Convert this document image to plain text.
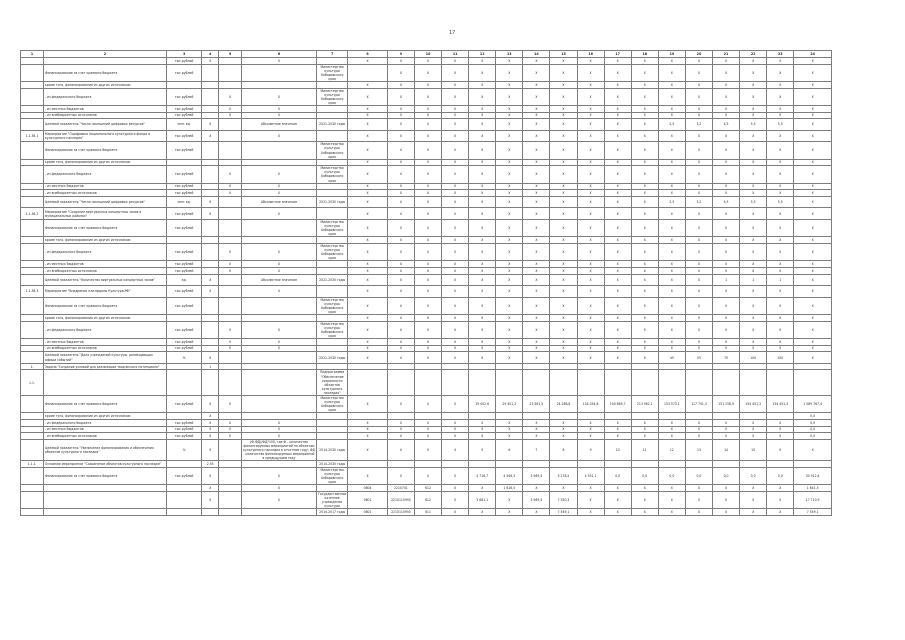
17
1	2	3	4	5	6	7	8	9	10	11	12	13	14	15	16	17	18	19	20	21	22	23	24
		тыс.рублей	Х		Х		Х	Х	Х	Х	Х	Х	Х	Х	Х	Х	Х	Х	Х	Х	Х	Х	Х
	Финансирование за счет краевого бюджета	тыс.рублей				Министерство культуры Хабаровского края		Х	Х	Х	Х	Х	Х	Х	Х	Х	Х	Х	Х	Х	Х	Х	Х
	кроме того, финансирование из других источников:						Х	Х	Х	Х	Х	Х	Х	Х	Х	Х	Х	Х	Х	Х	Х	Х	Х
	- из федерального бюджета	тыс.рублей		Х	Х	Министерство культуры Хабаровского края	Х	Х	Х	Х	Х	Х	Х	Х	Х	Х	Х	Х	Х	Х	Х	Х	Х
	- из местных бюджетов	тыс.рублей		Х	Х		Х	Х	Х	Х	Х	Х	Х	Х	Х	Х	Х	Х	Х	Х	Х	Х	Х
	- из внебюджетных источников	тыс.рублей		Х	Х		Х	Х	Х	Х	Х	Х	Х	Х	Х	Х	Х	Х	Х	Х	Х	Х	Х
	Целевой показатель "Число посещений цифровых ресурсов"	млн. ед.	Х		Абсолютное значение	2021-2030 годы	Х	Х	Х	Х	Х	Х	Х	Х	Х	Х	Х	2,5	3,2	4,5	5,5	5,5	Х
1.1.36.1	Мероприятие "Оцифровка национального культурного фонда и культурного наследия"	тыс.рублей	Х		Х		Х	Х	Х	Х	Х	Х	Х	Х	Х	Х	Х	Х	Х	Х	Х	Х	Х
	Финансирование за счет краевого бюджета	тыс.рублей				Министерство культуры Хабаровского края	Х	Х	Х	Х	Х	Х	Х	Х	Х	Х	Х	Х	Х	Х	Х	Х	Х
	кроме того, финансирование из других источников:						Х	Х	Х	Х	Х	Х	Х	Х	Х	Х	Х	Х	Х	Х	Х	Х	Х
	- из федерального бюджета	тыс.рублей		Х	Х	Министерство культуры Хабаровского края	Х	Х	Х	Х	Х	Х	Х	Х	Х	Х	Х	Х	Х	Х	Х	Х	Х
	- из местных бюджетов	тыс.рублей		Х	Х		Х	Х	Х	Х	Х	Х	Х	Х	Х	Х	Х	Х	Х	Х	Х	Х	Х
	- из внебюджетных источников	тыс.рублей		Х	Х		Х	Х	Х	Х	Х	Х	Х	Х	Х	Х	Х	Х	Х	Х	Х	Х	Х
	Целевой показатель "Число посещений цифровых ресурсов"	млн. ед.	Х		Абсолютное значение	2021-2030 годы	Х	Х	Х	Х	Х	Х	Х	Х	Х	Х	Х	2,5	3,2	4,5	5,5	5,5	Х
1.1.36.2	Мероприятие "Создание виртуальных концертных залов в муниципальных районах"	тыс.рублей	Х		Х		Х	Х	Х	Х	Х	Х	Х	Х	Х	Х	Х	Х	Х	Х	Х	Х	Х
	Финансирование за счет краевого бюджета	тыс.рублей				Министерство культуры Хабаровского края	Х	Х	Х	Х	Х	Х	Х	Х	Х	Х	Х	Х	Х	Х	Х	Х	Х
	кроме того, финансирование из других источников:						Х	Х	Х	Х	Х	Х	Х	Х	Х	Х	Х	Х	Х	Х	Х	Х	Х
	- из федерального бюджета	тыс.рублей		Х	Х	Министерство культуры Хабаровского края	Х	Х	Х	Х	Х	Х	Х	Х	Х	Х	Х	Х	Х	Х	Х	Х	Х
	- из местных бюджетов	тыс.рублей		Х	Х		Х	Х	Х	Х	Х	Х	Х	Х	Х	Х	Х	Х	Х	Х	Х	Х	Х
	- из внебюджетных источников	тыс.рублей		Х	Х		Х	Х	Х	Х	Х	Х	Х	Х	Х	Х	Х	Х	Х	Х	Х	Х	Х
	Целевой показатель "Количество виртуальных концертных залов"	ед.	Х		Абсолютное значение	2021-2030 годы	Х	Х	Х	Х	Х	Х	Х	Х	Х	Х	Х	Х	Х	1	1	1	Х
1.1.36.3	Мероприятие "Внедрение платформы Культура.РФ"	тыс.рублей	Х		Х		Х	Х	Х	Х	Х	Х	Х	Х	Х	Х	Х	Х	Х	Х	Х	Х	Х
	Финансирование за счет краевого бюджета	тыс.рублей				Министерство культуры Хабаровского края	Х	Х	Х	Х	Х	Х	Х	Х	Х	Х	Х	Х	Х	Х	Х	Х	Х
	кроме того, финансирование из других источников:						Х	Х	Х	Х	Х	Х	Х	Х	Х	Х	Х	Х	Х	Х	Х	Х	Х
	- из федерального бюджета	тыс.рублей		Х	Х	Министерство культуры Хабаровского края	Х	Х	Х	Х	Х	Х	Х	Х	Х	Х	Х	Х	Х	Х	Х	Х	Х
	- из местных бюджетов	тыс.рублей		Х	Х		Х	Х	Х	Х	Х	Х	Х	Х	Х	Х	Х	Х	Х	Х	Х	Х	Х
	- из внебюджетных источников	тыс.рублей		Х	Х		Х	Х	Х	Х	Х	Х	Х	Х	Х	Х	Х	Х	Х	Х	Х	Х	Х
	Целевой показатель "Доля учреждений культуры, размещающих афиши событий"	%	Х			2021-2030 годы	Х	Х	Х	Х	Х	Х	Х	Х	Х	Х	Х	45	55	70	100	100	Х
1.	Задача "Создание условий для реализации творческого потенциала"		1																				
1.1.						Подпрограмма "Обеспечение сохранности объектов культурного наследия"																	
	Финансирование за счет краевого бюджета	тыс.рублей	Х	Х		Министерство культуры Хабаровского края	Х	Х	Х	Х	19 002,6	29 451,2	23 561,5	24 286,8	134 034,8	100 889,7	213 962,1	153 573,1	117 741,3	151 158,9	154 451,3	154 451,3	1 589 767,4
	кроме того, финансирование из других источников:		Х																				0,0
	- из федерального бюджета	тыс.рублей	Х	Х	Х		Х	Х	Х	Х	Х	Х	Х	Х	Х	Х	Х	Х	Х	Х	Х	Х	0,0
	- из местных бюджетов	тыс.рублей	Х	Х	Х		Х	Х	Х	Х	Х	Х	Х	Х	Х	Х	Х	Х	Х	Х	Х	Х	0,0
	- из внебюджетных источников	тыс.рублей	Х	Х	Х		Х	Х	Х	Х	Х	Х	Х	Х	Х	Х	Х	Х	Х	Х	Х	Х	0,0
	Целевой показатель "Увеличение финансирования и обеспечения объектов культурного наследия"	%	Х		(Ф-ФД)/ФД*100, где Ф - количество финансируемых мероприятий по объектам культурного наследия в отчетном году; ФД - количество финансируемых мероприятий в предыдущем году	2014-2030 годы	Х	Х	Х	4	5	6	7	8	9	10	11	12	13	14	15	Х	Х
1.1.1.	Основное мероприятие "Сохранение объектов культурного наследия"		2,55			2014-2030 годы																	
	Финансирование за счет краевого бюджета	тыс.рублей	Х		Х	Министерство культуры Хабаровского края	Х	Х	Х	Х	4 716,7	4 946,3	3 569,5	5 278,5	4 551,1	0,0	0,0	0,0	0,0	0,0	0,0	0,0	30 912,4
			Х		Х		0804	2210741	612	Х	Х	1 616,5	Х	Х	Х	Х	Х	Х	Х	Х	Х	Х	1 641,5
			Х		Х	Государственное казенное учреждение культуры	0801	2210110950	612	Х	3 661,1	Х	3 569,5	7 350,3	Х	Х	Х	Х	Х	Х	Х	Х	17 710,9
						2014-2017 годы	0801	2210110950	611	Х	Х	Х	Х	7 549,1	Х	Х	Х	Х	Х	Х	Х	Х	7 549,1
